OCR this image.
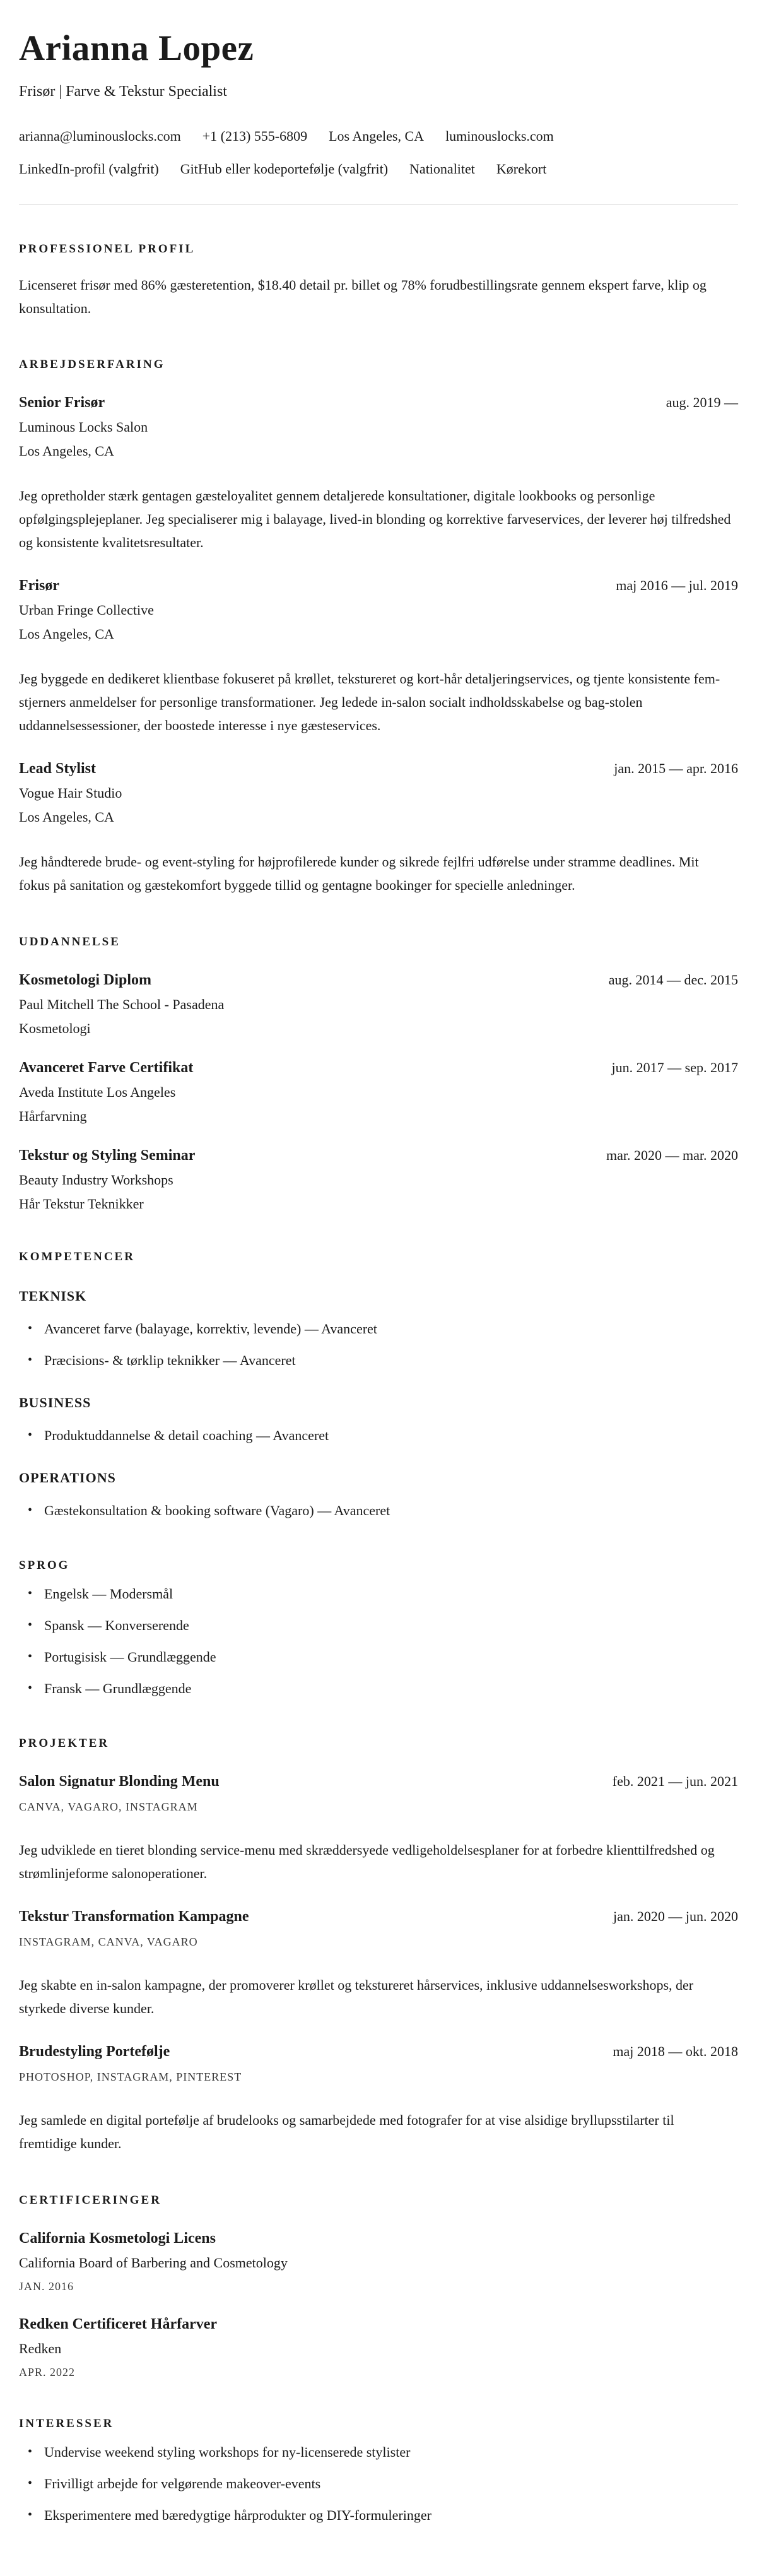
Arianna Lopez
Frisør | Farve & Tekstur Specialist
arianna@luminouslocks.com +1 (213) 555-6809 Los Angeles, CA luminouslocks.com
LinkedIn-profil (valgfrit) GitHub eller kodeportefølje (valgfrit) Nationalitet Kørekort
PROFESSIONEL PROFIL

Licenseret frisør med 86% gæsteretention, $18.40 detail pr. billet og 78% forudbestillingsrate gennem ekspert farve, klip og konsultation.

ARBEJDSERFARING
Senior Frisør	aug. 2019 —
Luminous Locks Salon
Los Angeles, CA

Jeg opretholder stærk gentagen gæsteloyalitet gennem detaljerede konsultationer, digitale lookbooks og personlige opfølgingsplejeplaner. Jeg specialiserer mig i balayage, lived-in blonding og korrektive farveservices, der leverer høj tilfredshed og konsistente kvalitetsresultater.

Frisør	maj 2016 — jul. 2019
Urban Fringe Collective
Los Angeles, CA

Jeg byggede en dedikeret klientbase fokuseret på krøllet, tekstureret og kort-hår detaljeringservices, og tjente konsistente fem-stjerners anmeldelser for personlige transformationer. Jeg ledede in-salon socialt indholdsskabelse og bag-stolen uddannelsessessioner, der boostede interesse i nye gæsteservices.

Lead Stylist	jan. 2015 — apr. 2016
Vogue Hair Studio
Los Angeles, CA

Jeg håndterede brude- og event-styling for højprofilerede kunder og sikrede fejlfri udførelse under stramme deadlines. Mit fokus på sanitation og gæstekomfort byggede tillid og gentagne bookinger for specielle anledninger.

UDDANNELSE
Kosmetologi Diplom	aug. 2014 — dec. 2015
Paul Mitchell The School - Pasadena
Kosmetologi
Avanceret Farve Certifikat	jun. 2017 — sep. 2017
Aveda Institute Los Angeles
Hårfarvning
Tekstur og Styling Seminar	mar. 2020 — mar. 2020
Beauty Industry Workshops
Hår Tekstur Teknikker
KOMPETENCER
TEKNISK
• Avanceret farve (balayage, korrektiv, levende) — Avanceret
• Præcisions- & tørklip teknikker — Avanceret
BUSINESS
• Produktuddannelse & detail coaching — Avanceret
OPERATIONS
• Gæstekonsultation & booking software (Vagaro) — Avanceret
SPROG
• Engelsk — Modersmål
• Spansk — Konverserende
• Portugisisk — Grundlæggende
• Fransk — Grundlæggende
PROJEKTER
Salon Signatur Blonding Menu	feb. 2021 — jun. 2021
CANVA, VAGARO, INSTAGRAM

Jeg udviklede en tieret blonding service-menu med skræddersyede vedligeholdelsesplaner for at forbedre klienttilfredshed og strømlinjeforme salonoperationer.

Tekstur Transformation Kampagne	jan. 2020 — jun. 2020
INSTAGRAM, CANVA, VAGARO

Jeg skabte en in-salon kampagne, der promoverer krøllet og tekstureret hårservices, inklusive uddannelsesworkshops, der styrkede diverse kunder.

Brudestyling Portefølje	maj 2018 — okt. 2018
PHOTOSHOP, INSTAGRAM, PINTEREST

Jeg samlede en digital portefølje af brudelooks og samarbejdede med fotografer for at vise alsidige bryllupsstilarter til fremtidige kunder.

CERTIFICERINGER
California Kosmetologi Licens
California Board of Barbering and Cosmetology
JAN. 2016
Redken Certificeret Hårfarver
Redken
APR. 2022
INTERESSER
• Undervise weekend styling workshops for ny-licenserede stylister
• Frivilligt arbejde for velgørende makeover-events
• Eksperimentere med bæredygtige hårprodukter og DIY-formuleringer
